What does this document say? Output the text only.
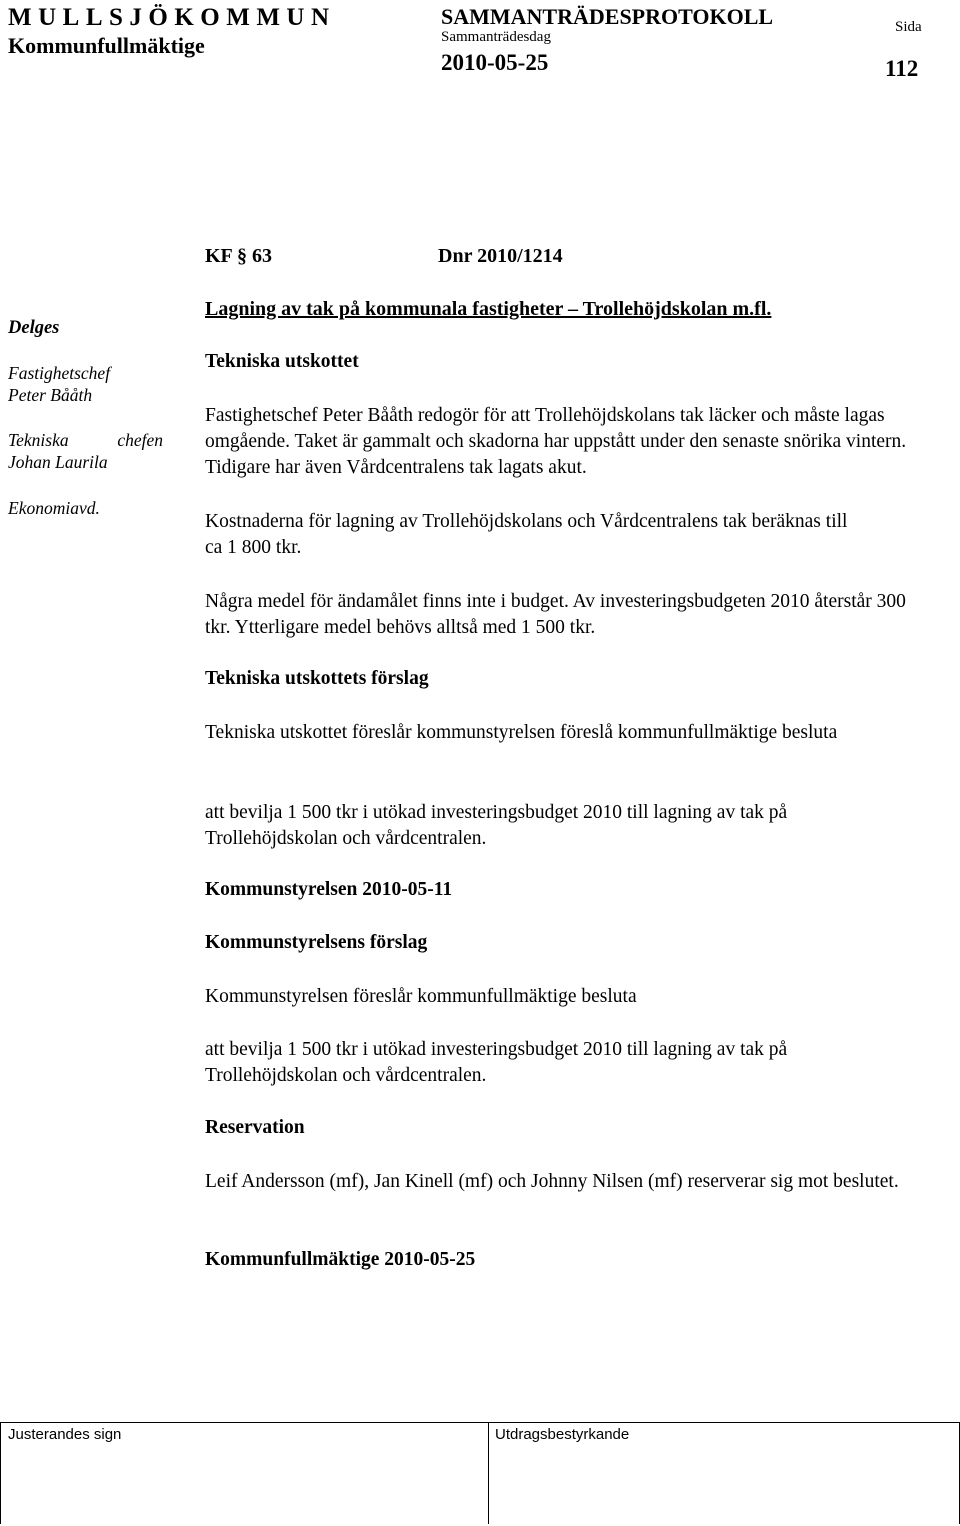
MULLSJÖKOMMUN
Kommunfullmäktige
SAMMANTRÄDESPROTOKOLL
Sammanträdesdag
2010-05-25
Sida
112
KF § 63	Dnr 2010/1214
Lagning av tak på kommunala fastigheter – Trollehöjdskolan m.fl.
Delges
Fastighetschef
Peter Bååth
Tekniska	chefen
Johan Laurila
Ekonomiavd.
Tekniska utskottet
Fastighetschef Peter Bååth redogör för att Trollehöjdskolans tak läcker och måste lagas omgående. Taket är gammalt och skadorna har uppstått under den senaste snörika vintern. Tidigare har även Vårdcentralens tak lagats akut.
Kostnaderna för lagning av Trollehöjdskolans och Vårdcentralens tak beräknas till ca 1 800 tkr.
Några medel för ändamålet finns inte i budget. Av investeringsbudgeten 2010 återstår 300 tkr. Ytterligare medel behövs alltså med 1 500 tkr.
Tekniska utskottets förslag
Tekniska utskottet föreslår kommunstyrelsen föreslå kommunfullmäktige besluta
att bevilja 1 500 tkr i utökad investeringsbudget 2010 till lagning av tak på Trollehöjdskolan och vårdcentralen.
Kommunstyrelsen 2010-05-11
Kommunstyrelsens förslag
Kommunstyrelsen föreslår kommunfullmäktige besluta
att bevilja 1 500 tkr i utökad investeringsbudget 2010 till lagning av tak på Trollehöjdskolan och vårdcentralen.
Reservation
Leif Andersson (mf), Jan Kinell (mf) och Johnny Nilsen (mf) reserverar sig mot beslutet.
Kommunfullmäktige 2010-05-25
Justerandes sign	Utdragsbestyrkande
